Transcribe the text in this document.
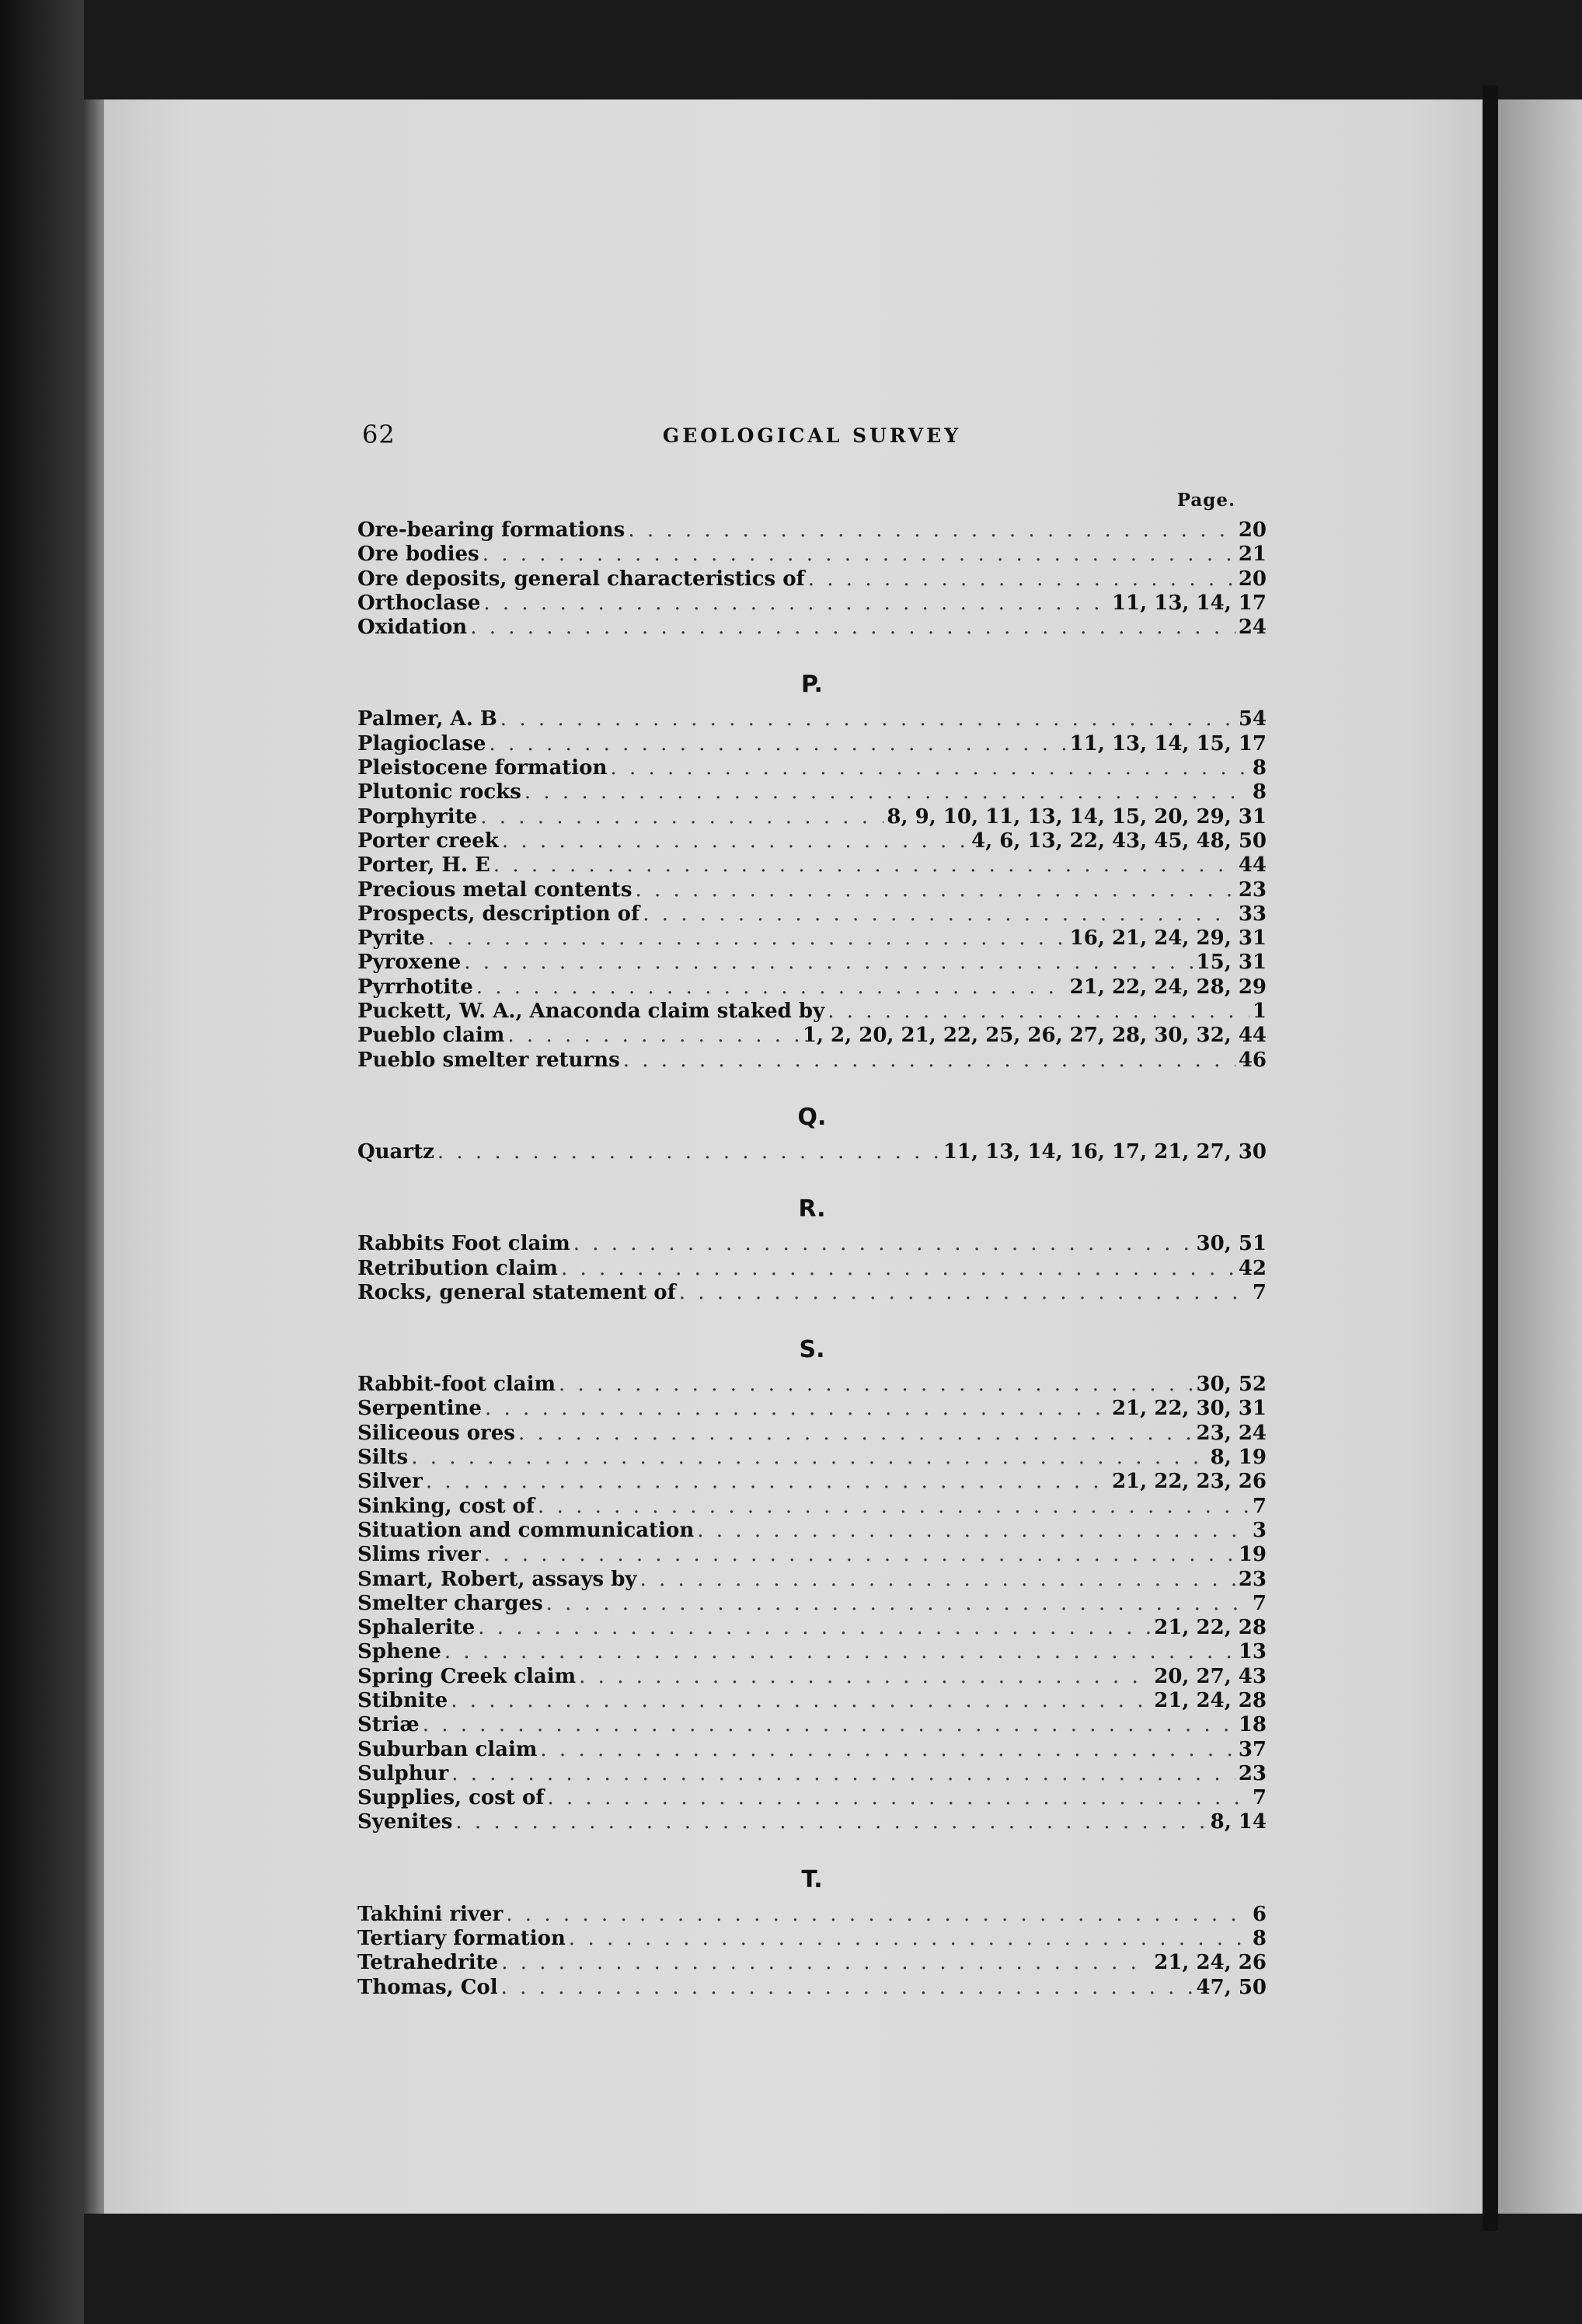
62	GEOLOGICAL SURVEY
Page.
Ore-bearing formations . . .	20
Ore bodies . . .	21
Ore deposits, general characteristics of . . .	20
Orthoclase . . .	11, 13, 14, 17
Oxidation . . .	24
P.
Palmer, A. B . . .	54
Plagioclase . . .	11, 13, 14, 15, 17
Pleistocene formation . . .	8
Plutonic rocks . . .	8
Porphyrite . . .	8, 9, 10, 11, 13, 14, 15, 20, 29, 31
Porter creek . . .	4, 6, 13, 22, 43, 45, 48, 50
Porter, H. E . . .	44
Precious metal contents . . .	23
Prospects, description of . . .	33
Pyrite . . .	16, 21, 24, 29, 31
Pyroxene . . .	15, 31
Pyrrhotite . . .	21, 22, 24, 28, 29
Puckett, W. A., Anaconda claim staked by . . .	1
Pueblo claim . . .	1, 2, 20, 21, 22, 25, 26, 27, 28, 30, 32, 44
Pueblo smelter returns . . .	46
Q.
Quartz . . .	11, 13, 14, 16, 17, 21, 27, 30
R.
Rabbits Foot claim . . .	30, 51
Retribution claim . . .	42
Rocks, general statement of . . .	7
S.
Rabbit-foot claim . . .	30, 52
Serpentine . . .	21, 22, 30, 31
Siliceous ores . . .	23, 24
Silts . . .	8, 19
Silver . . .	21, 22, 23, 26
Sinking, cost of . . .	7
Situation and communication . . .	3
Slims river . . .	19
Smart, Robert, assays by . . .	23
Smelter charges . . .	7
Sphalerite . . .	21, 22, 28
Sphene . . .	13
Spring Creek claim . . .	20, 27, 43
Stibnite . . .	21, 24, 28
Striæ . . .	18
Suburban claim . . .	37
Sulphur . . .	23
Supplies, cost of . . .	7
Syenites . . .	8, 14
T.
Takhini river . . .	6
Tertiary formation . . .	8
Tetrahedrite . . .	21, 24, 26
Thomas, Col . . .	47, 50
